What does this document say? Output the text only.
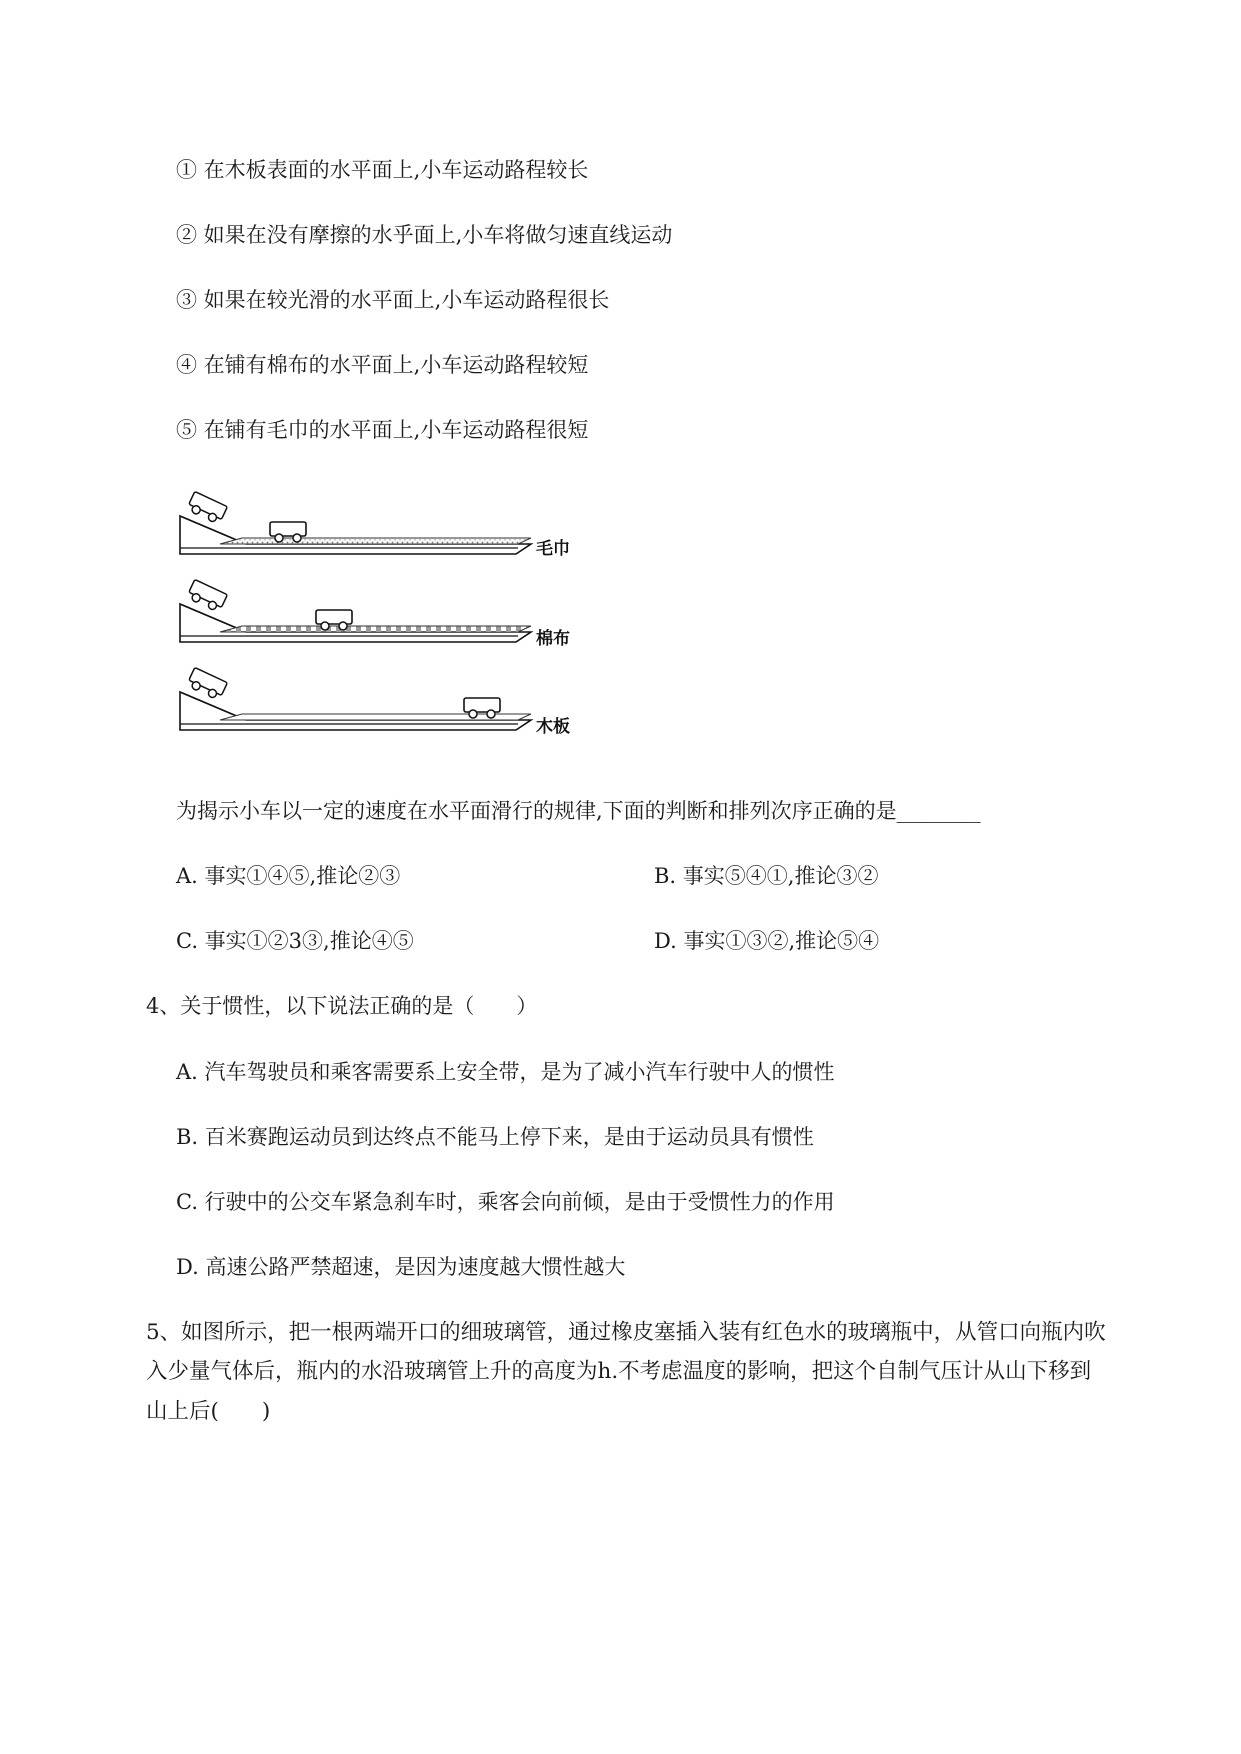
① 在木板表面的水平面上,小车运动路程较长
② 如果在没有摩擦的水乎面上,小车将做匀速直线运动
③ 如果在较光滑的水平面上,小车运动路程很长
④ 在铺有棉布的水平面上,小车运动路程较短
⑤ 在铺有毛巾的水平面上,小车运动路程很短
毛巾
棉布
木板
为揭示小车以一定的速度在水平面滑行的规律,下面的判断和排列次序正确的是________
A. 事实①④⑤,推论②③	B. 事实⑤④①,推论③②
C. 事实①②3③,推论④⑤	D. 事实①③②,推论⑤④
4、关于惯性，以下说法正确的是（　　）
A. 汽车驾驶员和乘客需要系上安全带，是为了减小汽车行驶中人的惯性
B. 百米赛跑运动员到达终点不能马上停下来，是由于运动员具有惯性
C. 行驶中的公交车紧急刹车时，乘客会向前倾，是由于受惯性力的作用
D. 高速公路严禁超速，是因为速度越大惯性越大
5、如图所示，把一根两端开口的细玻璃管，通过橡皮塞插入装有红色水的玻璃瓶中，从管口向瓶内吹
入少量气体后，瓶内的水沿玻璃管上升的高度为h.不考虑温度的影响，把这个自制气压计从山下移到
山上后(　　)
